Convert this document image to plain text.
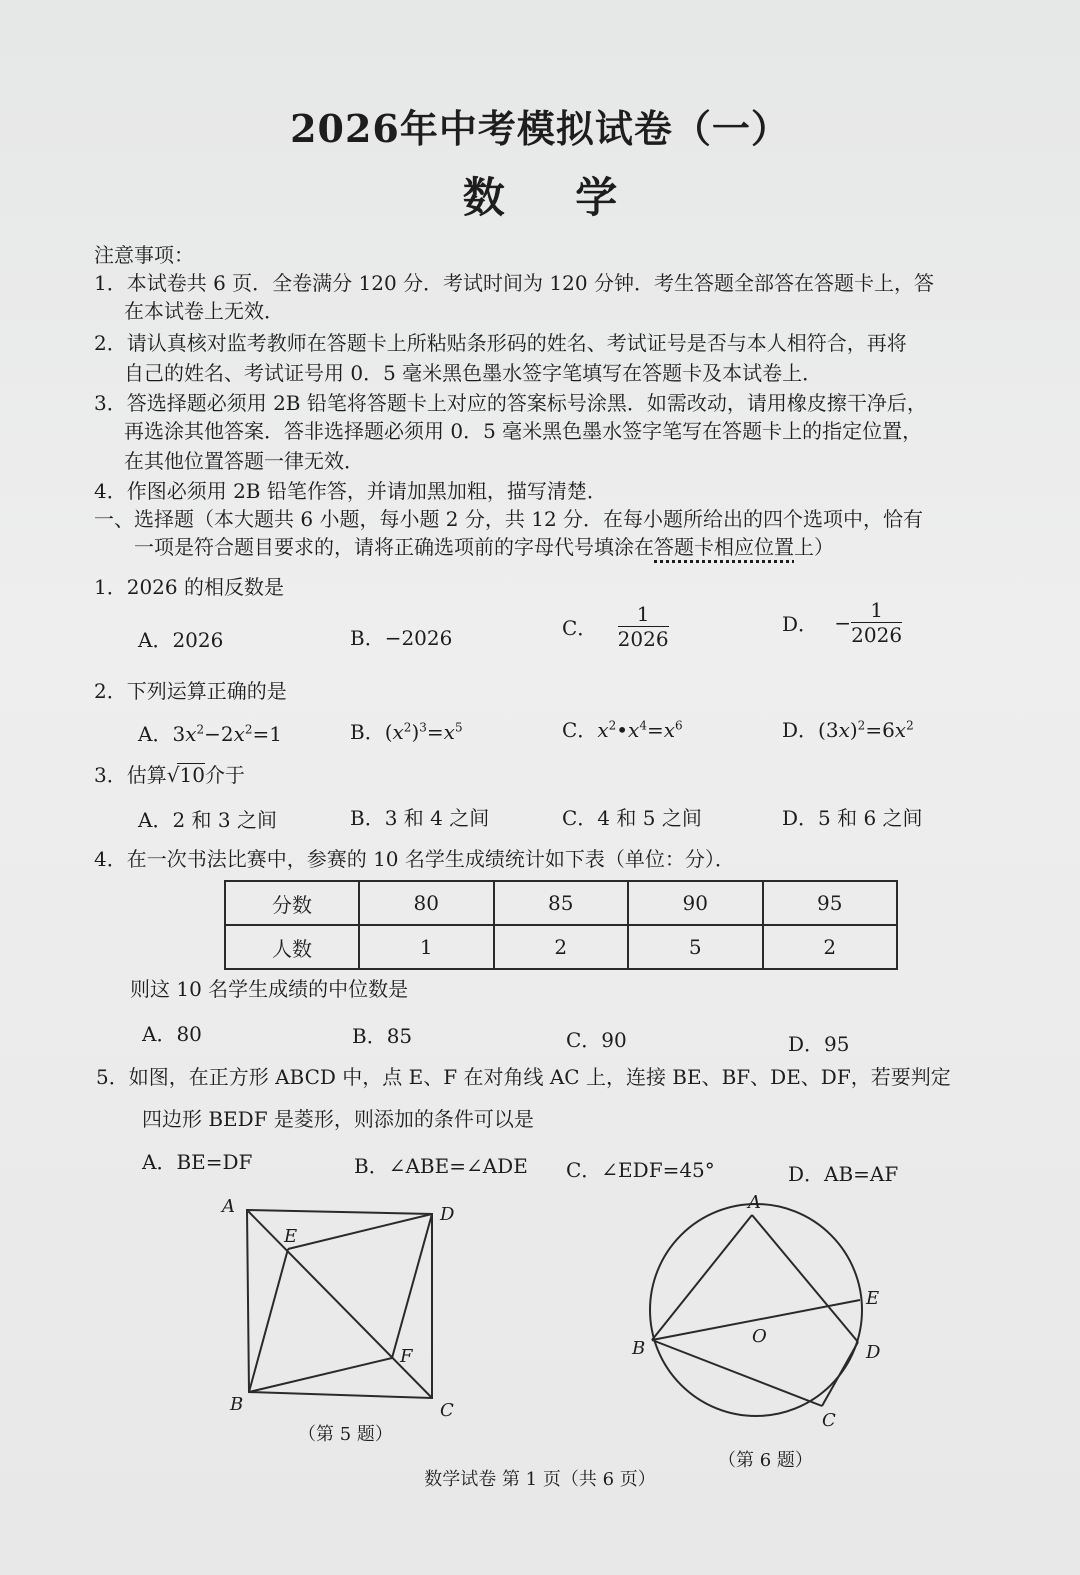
2026年中考模拟试卷（一）
数 学
注意事项：
1．本试卷共 6 页．全卷满分 120 分．考试时间为 120 分钟．考生答题全部答在答题卡上，答
在本试卷上无效．
2．请认真核对监考教师在答题卡上所粘贴条形码的姓名、考试证号是否与本人相符合，再将
自己的姓名、考试证号用 0．5 毫米黑色墨水签字笔填写在答题卡及本试卷上．
3．答选择题必须用 2B 铅笔将答题卡上对应的答案标号涂黑．如需改动，请用橡皮擦干净后，
再选涂其他答案．答非选择题必须用 0．5 毫米黑色墨水签字笔写在答题卡上的指定位置，
在其他位置答题一律无效．
4．作图必须用 2B 铅笔作答，并请加黑加粗，描写清楚．
一、选择题（本大题共 6 小题，每小题 2 分，共 12 分．在每小题所给出的四个选项中，恰有
一项是符合题目要求的，请将正确选项前的字母代号填涂在答题卡相应位置上）
1．2026 的相反数是
A．2026	B．−2026	C． $\frac{1}{2026}$	D． − $\frac{1}{2026}$
2．下列运算正确的是
A．$3x^2-2x^2=1$	B．$(x^2)^3=x^5$	C．$x^2•x^4=x^6$	D．$(3x)^2=6x^2$
3．估算√10介于
A．2 和 3 之间	B．3 和 4 之间	C．4 和 5 之间	D．5 和 6 之间
4．在一次书法比赛中，参赛的 10 名学生成绩统计如下表（单位：分）．
分数	80	85	90	95
人数	1	2	5	2
则这 10 名学生成绩的中位数是
A．80	B．85	C．90	D．95
5．如图，在正方形 ABCD 中，点 E、F 在对角线 AC 上，连接 BE、BF、DE、DF，若要判定
四边形 BEDF 是菱形，则添加的条件可以是
A．BE=DF	B．∠ABE=∠ADE C．∠EDF=45°	D．AB=AF
A	D
E
F
B	C
（第 5 题）
A
E
O
B	D
C
（第 6 题）
数学试卷 第 1 页（共 6 页）
